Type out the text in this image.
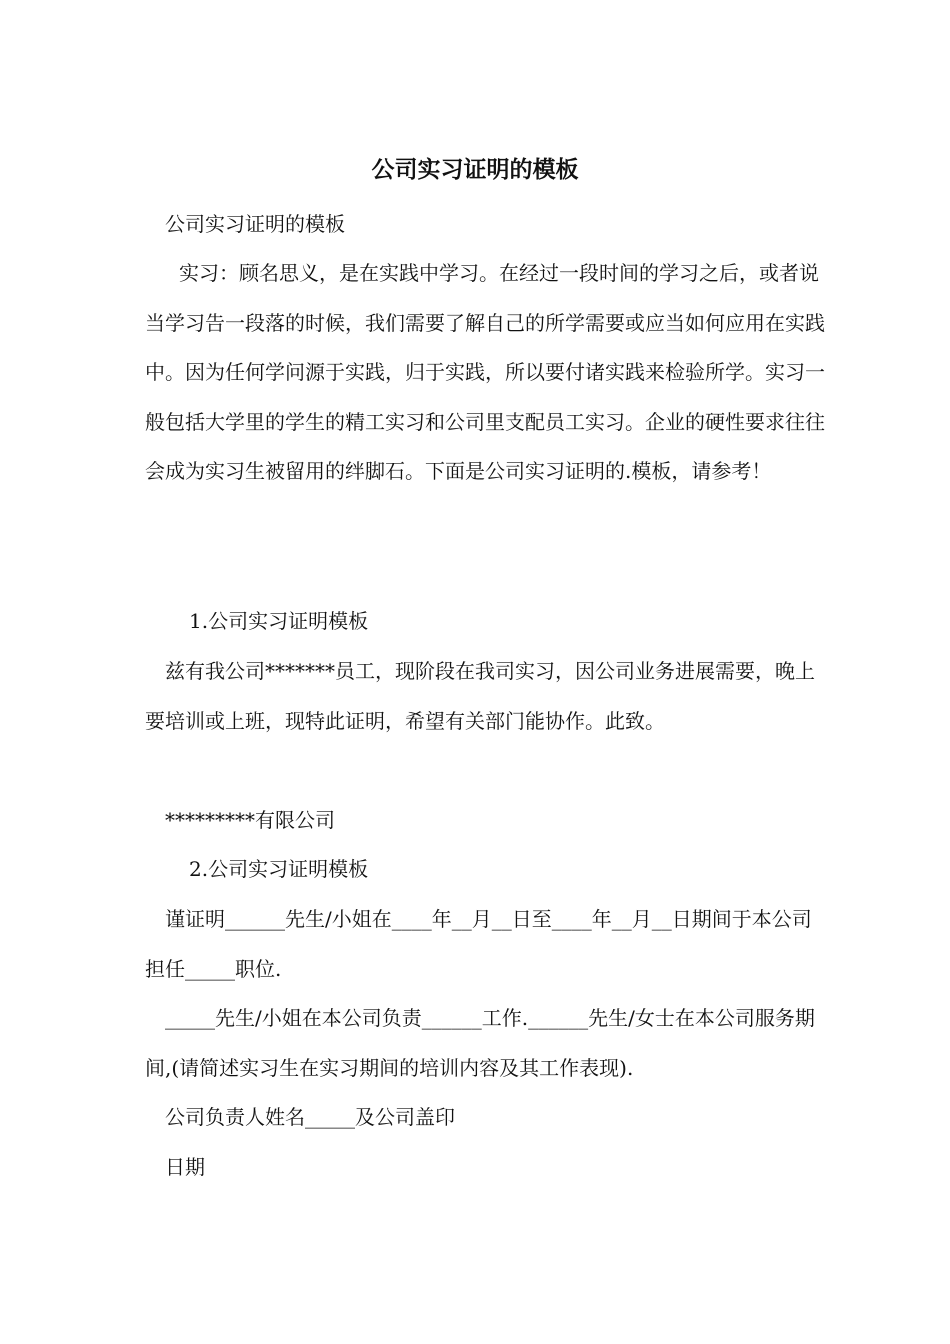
公司实习证明的模板
公司实习证明的模板
实习：顾名思义，是在实践中学习。在经过一段时间的学习之后，或者说当学习告一段落的时候，我们需要了解自己的所学需要或应当如何应用在实践中。因为任何学问源于实践，归于实践，所以要付诸实践来检验所学。实习一般包括大学里的学生的精工实习和公司里支配员工实习。企业的硬性要求往往会成为实习生被留用的绊脚石。下面是公司实习证明的.模板，请参考！
1.公司实习证明模板
兹有我公司*******员工，现阶段在我司实习，因公司业务进展需要，晚上要培训或上班，现特此证明，希望有关部门能协作。此致。
*********有限公司
2.公司实习证明模板
谨证明______先生/小姐在____年__月__日至____年__月__日期间于本公司担任_____职位.
_____先生/小姐在本公司负责______工作.______先生/女士在本公司服务期间,(请简述实习生在实习期间的培训内容及其工作表现).
公司负责人姓名_____及公司盖印
日期
